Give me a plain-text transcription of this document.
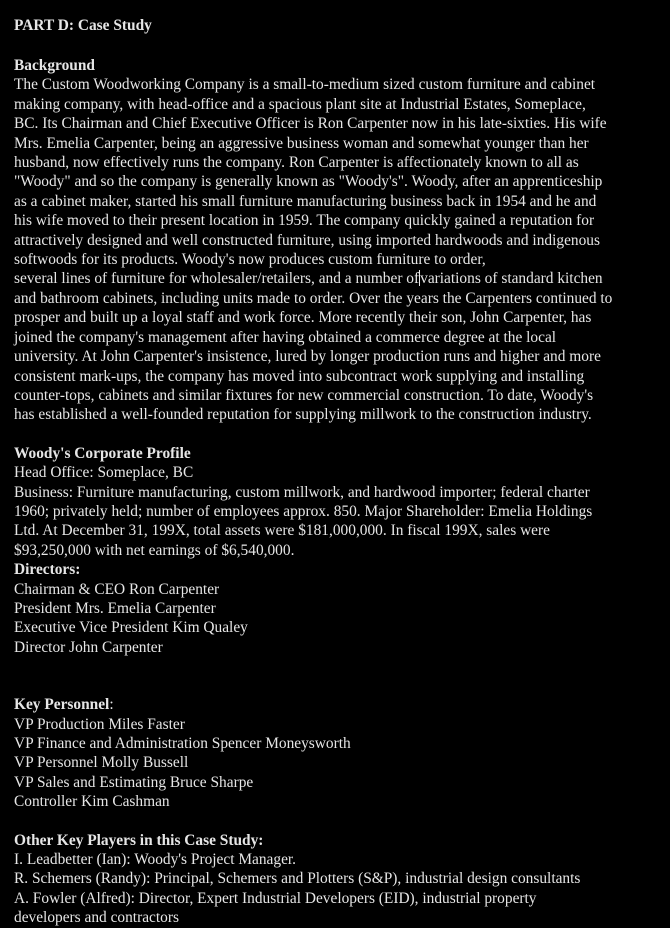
PART D: Case Study
Background

The Custom Woodworking Company is a small-to-medium sized custom furniture and cabinet
making company, with head-office and a spacious plant site at Industrial Estates, Someplace,
BC. Its Chairman and Chief Executive Officer is Ron Carpenter now in his late-sixties. His wife
Mrs. Emelia Carpenter, being an aggressive business woman and somewhat younger than her
husband, now effectively runs the company. Ron Carpenter is affectionately known to all as
"Woody" and so the company is generally known as "Woody's". Woody, after an apprenticeship
as a cabinet maker, started his small furniture manufacturing business back in 1954 and he and
his wife moved to their present location in 1959. The company quickly gained a reputation for
attractively designed and well constructed furniture, using imported hardwoods and indigenous
softwoods for its products. Woody's now produces custom furniture to order,
several lines of furniture for wholesaler/retailers, and a number ofvariations of standard kitchen
and bathroom cabinets, including units made to order. Over the years the Carpenters continued to
prosper and built up a loyal staff and work force. More recently their son, John Carpenter, has
joined the company's management after having obtained a commerce degree at the local
university. At John Carpenter's insistence, lured by longer production runs and higher and more
consistent mark-ups, the company has moved into subcontract work supplying and installing
counter-tops, cabinets and similar fixtures for new commercial construction. To date, Woody's
has established a well-founded reputation for supplying millwork to the construction industry.

Woody's Corporate Profile

Head Office: Someplace, BC

Business: Furniture manufacturing, custom millwork, and hardwood importer; federal charter
1960; privately held; number of employees approx. 850. Major Shareholder: Emelia Holdings
Ltd. At December 31, 199X, total assets were $181,000,000. In fiscal 199X, sales were
$93,250,000 with net earnings of $6,540,000.

Directors:

Chairman & CEO Ron Carpenter
President Mrs. Emelia Carpenter
Executive Vice President Kim Qualey
Director John Carpenter

Key Personnel:

VP Production Miles Faster
VP Finance and Administration Spencer Moneysworth
VP Personnel Molly Bussell
VP Sales and Estimating Bruce Sharpe
Controller Kim Cashman

Other Key Players in this Case Study:

I. Leadbetter (Ian): Woody's Project Manager.
R. Schemers (Randy): Principal, Schemers and Plotters (S&P), industrial design consultants
A. Fowler (Alfred): Director, Expert Industrial Developers (EID), industrial property
developers and contractors
